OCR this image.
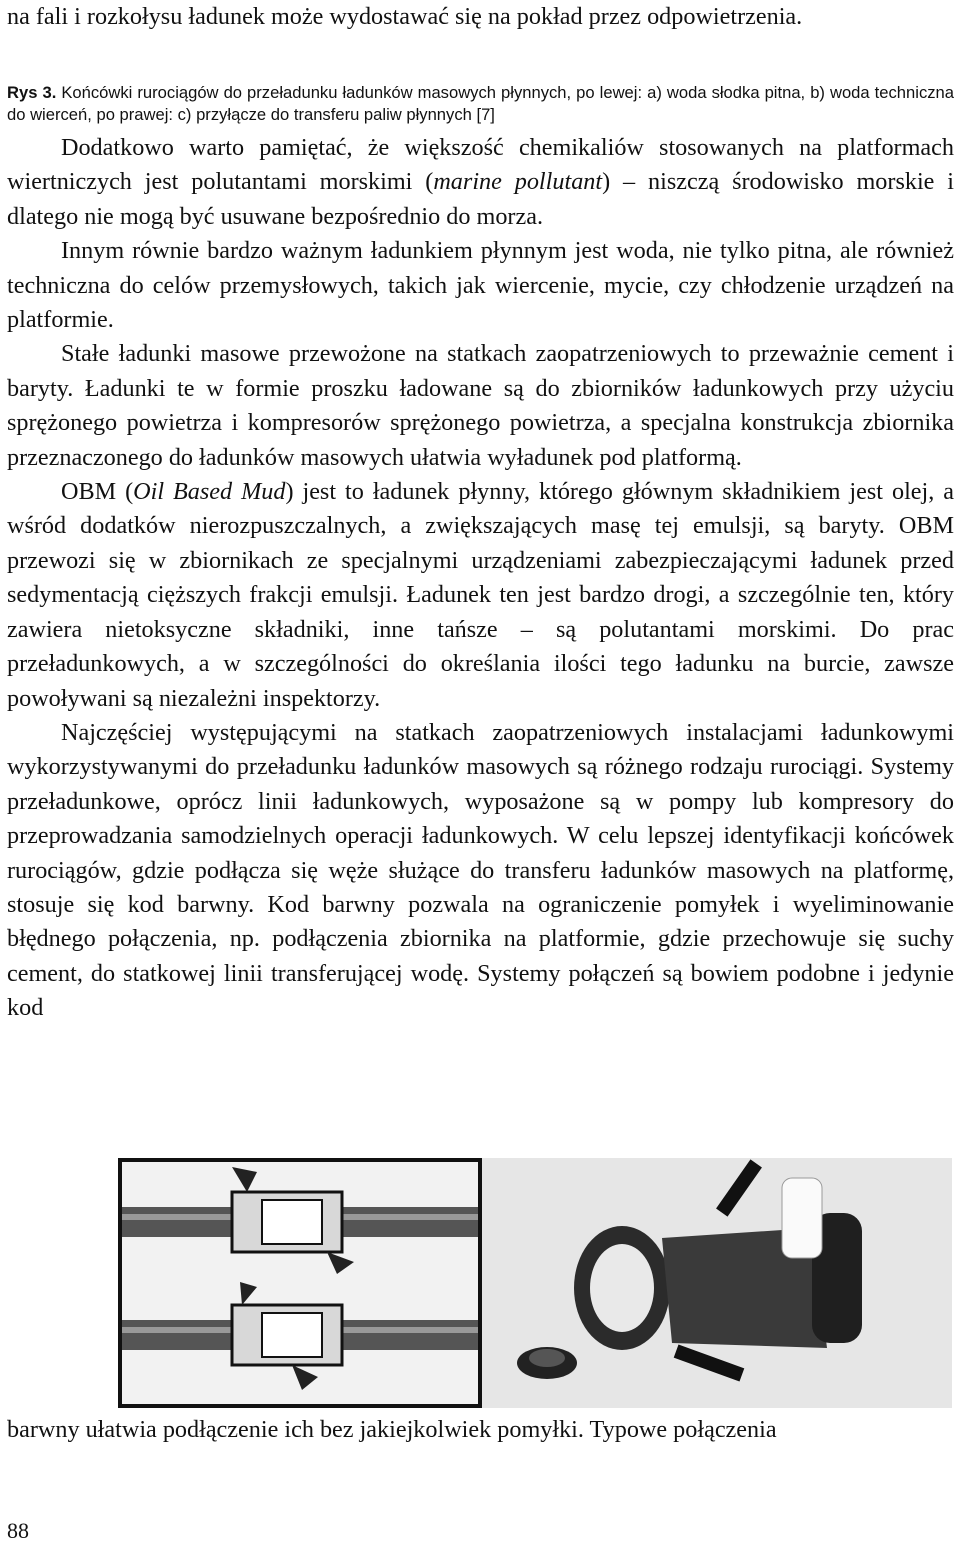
na fali i rozkołysu ładunek może wydostawać się na pokład przez odpowietrzenia.
Rys 3. Końcówki rurociągów do przeładunku ładunków masowych płynnych, po lewej: a) woda słodka pitna, b) woda techniczna do wierceń, po prawej: c) przyłącze do transferu paliw płynnych [7]
Dodatkowo warto pamiętać, że większość chemikaliów stosowanych na platformach wiertniczych jest polutantami morskimi (marine pollutant) – niszczą środowisko morskie i dlatego nie mogą być usuwane bezpośrednio do morza.
Innym równie bardzo ważnym ładunkiem płynnym jest woda, nie tylko pitna, ale również techniczna do celów przemysłowych, takich jak wiercenie, mycie, czy chłodzenie urządzeń na platformie.
Stałe ładunki masowe przewożone na statkach zaopatrzeniowych to przeważnie cement i baryty. Ładunki te w formie proszku ładowane są do zbiorników ładunkowych przy użyciu sprężonego powietrza i kompresorów sprężonego powietrza, a specjalna konstrukcja zbiornika przeznaczonego do ładunków masowych ułatwia wyładunek pod platformą.
OBM (Oil Based Mud) jest to ładunek płynny, którego głównym składnikiem jest olej, a wśród dodatków nierozpuszczalnych, a zwiększających masę tej emulsji, są baryty. OBM przewozi się w zbiornikach ze specjalnymi urządzeniami zabezpieczającymi ładunek przed sedymentacją cięższych frakcji emulsji. Ładunek ten jest bardzo drogi, a szczególnie ten, który zawiera nietoksyczne składniki, inne tańsze – są polutantami morskimi. Do prac przeładunkowych, a w szczególności do określania ilości tego ładunku na burcie, zawsze powoływani są niezależni inspektorzy.
Najczęściej występującymi na statkach zaopatrzeniowych instalacjami ładunkowymi wykorzystywanymi do przeładunku ładunków masowych są różnego rodzaju rurociągi. Systemy przeładunkowe, oprócz linii ładunkowych, wyposażone są w pompy lub kompresory do przeprowadzania samodzielnych operacji ładunkowych. W celu lepszej identyfikacji końcówek rurociągów, gdzie podłącza się węże służące do transferu ładunków masowych na platformę, stosuje się kod barwny. Kod barwny pozwala na ograniczenie pomyłek i wyeliminowanie błędnego połączenia, np. podłączenia zbiornika na platformie, gdzie przechowuje się suchy cement, do statkowej linii transferującej wodę. Systemy połączeń są bowiem podobne i jedynie kod
barwny ułatwia podłączenie ich bez jakiejkolwiek pomyłki. Typowe połączenia
88
